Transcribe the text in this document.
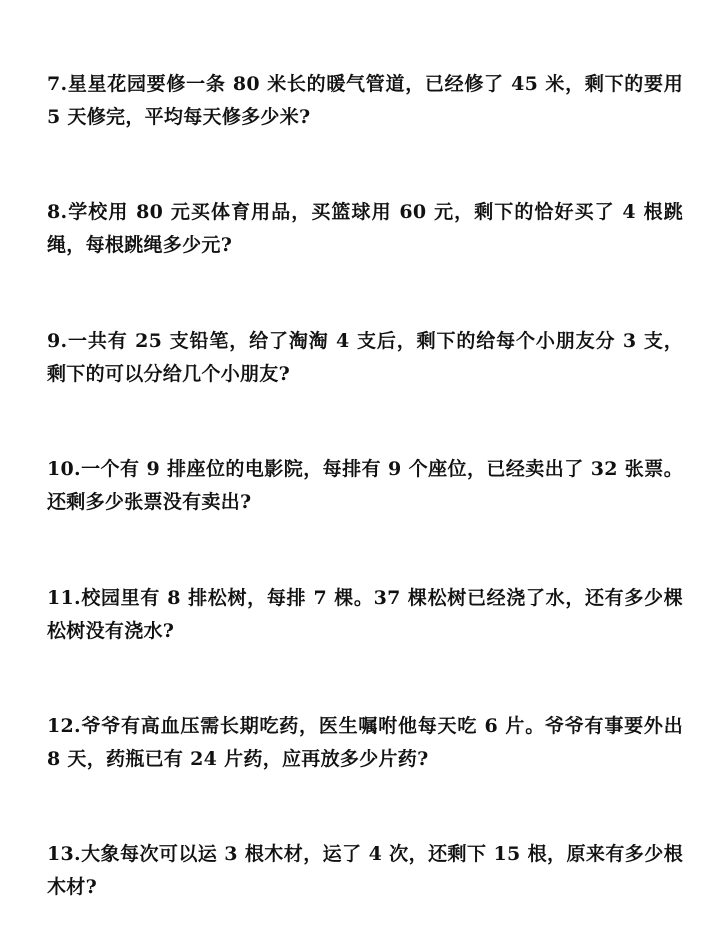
7.星星花园要修一条 80 米长的暖气管道，已经修了 45 米，剩下的要用 5 天修完，平均每天修多少米?

8.学校用 80 元买体育用品，买篮球用 60 元，剩下的恰好买了 4 根跳绳，每根跳绳多少元?

9.一共有 25 支铅笔，给了淘淘 4 支后，剩下的给每个小朋友分 3 支，剩下的可以分给几个小朋友?

10.一个有 9 排座位的电影院，每排有 9 个座位，已经卖出了 32 张票。还剩多少张票没有卖出?

11.校园里有 8 排松树，每排 7 棵。37 棵松树已经浇了水，还有多少棵松树没有浇水?

12.爷爷有高血压需长期吃药，医生嘱咐他每天吃 6 片。爷爷有事要外出 8 天，药瓶已有 24 片药，应再放多少片药?

13.大象每次可以运 3 根木材，运了 4 次，还剩下 15 根，原来有多少根木材?
